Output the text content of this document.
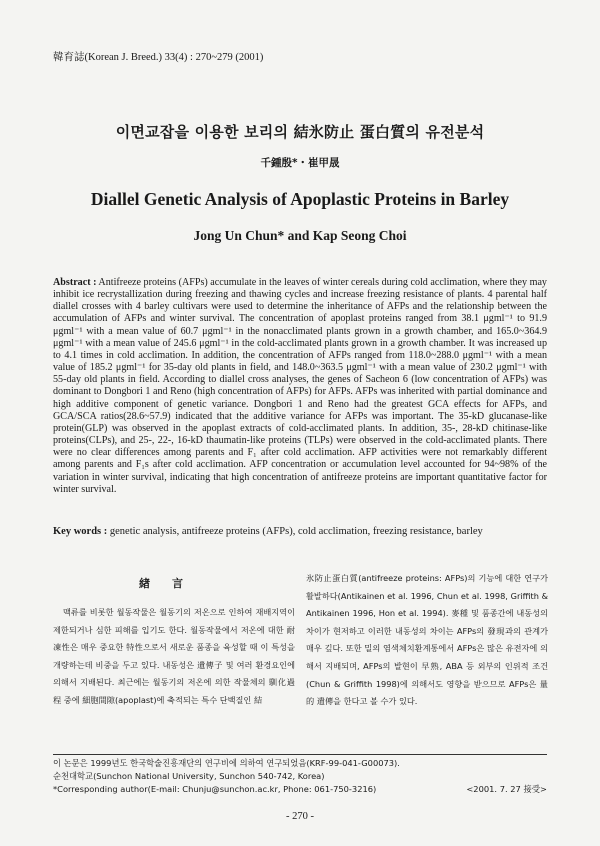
韓育誌(Korean J. Breed.) 33(4) : 270~279 (2001)
이면교잡을 이용한 보리의 結氷防止 蛋白質의 유전분석
千鍾殷*・崔甲晟
Diallel Genetic Analysis of Apoplastic Proteins in Barley
Jong Un Chun* and Kap Seong Choi
Abstract : Antifreeze proteins (AFPs) accumulate in the leaves of winter cereals during cold acclimation, where they may inhibit ice recrystallization during freezing and thawing cycles and increase freezing resistance of plants. 4 parental half diallel crosses with 4 barley cultivars were used to determine the inheritance of AFPs and the relationship between the accumulation of AFPs and winter survival. The concentration of apoplast proteins ranged from 38.1 μgml⁻¹ to 91.9 μgml⁻¹ with a mean value of 60.7 μgml⁻¹ in the nonacclimated plants grown in a growth chamber, and 165.0~364.9 μgml⁻¹ with a mean value of 245.6 μgml⁻¹ in the cold-acclimated plants grown in a growth chamber. It was increased up to 4.1 times in cold acclimation. In addition, the concentration of AFPs ranged from 118.0~288.0 μgml⁻¹ with a mean value of 185.2 μgml⁻¹ for 35-day old plants in field, and 148.0~363.5 μgml⁻¹ with a mean value of 230.2 μgml⁻¹ with 55-day old plants in field. According to diallel cross analyses, the genes of Sacheon 6 (low concentration of AFPs) was dominant to Dongbori 1 and Reno (high concentration of AFPs) for AFPs. AFPs was inherited with partial dominance and high additive component of genetic variance. Dongbori 1 and Reno had the greatest GCA effects for AFPs, and GCA/SCA ratios(28.6~57.9) indicated that the additive variance for AFPs was important. The 35-kD glucanase-like protein(GLP) was observed in the apoplast extracts of cold-acclimated plants. In addition, 35-, 28-kD chitinase-like proteins(CLPs), and 25-, 22-, 16-kD thaumatin-like proteins (TLPs) were observed in the cold-acclimated plants. There were no clear differences among parents and F₁ after cold acclimation. AFP activities were not remarkably different among parents and F₁s after cold acclimation. AFP concentration or accumulation level accounted for 94~98% of the variation in winter survival, indicating that high concentration of antifreeze proteins are important quantitative factor for winter survival.
Key words : genetic analysis, antifreeze proteins (AFPs), cold acclimation, freezing resistance, barley
緖言
맥류를 비롯한 월동작물은 월동기의 저온으로 인하여 재배지역이 제한되거나 심한 피해를 입기도 한다. 월동작물에서 저온에 대한 耐凍性은 매우 중요한 特性으로서 새로운 품종을 육성할 때 이 특성을 개량하는데 비중을 두고 있다. 내동성은 遺傳子 및 여러 환경요인에 의해서 지배된다. 최근에는 월동기의 저온에 의한 작물체의 馴化過程 중에 細胞間隙(apoplast)에 축적되는 특수 단백질인 結
氷防止蛋白質(antifreeze proteins: AFPs)의 기능에 대한 연구가 활발하다(Antikainen et al. 1996, Chun et al. 1998, Griffith & Antikainen 1996, Hon et al. 1994). 麥種 및 품종간에 내동성의 차이가 현저하고 이러한 내동성의 차이는 AFPs의 發現과의 관계가 매우 깊다. 또한 밀의 염색체치환계통에서 AFPs은 많은 유전자에 의해서 지배되며, AFPs의 발현이 早熟, ABA 등 외부의 인위적 조건 (Chun & Griffith 1998)에 의해서도 영향을 받으므로 AFPs은 量的 遺傳을 한다고 볼 수가 있다.
이 논문은 1999년도 한국학술진흥재단의 연구비에 의하여 연구되었음(KRF-99-041-G00073).
순천대학교(Sunchon National University, Sunchon 540-742, Korea)
*Corresponding author(E-mail: Chunju@sunchon.ac.kr, Phone: 061-750-3216)	<2001. 7. 27 接受>
- 270 -
